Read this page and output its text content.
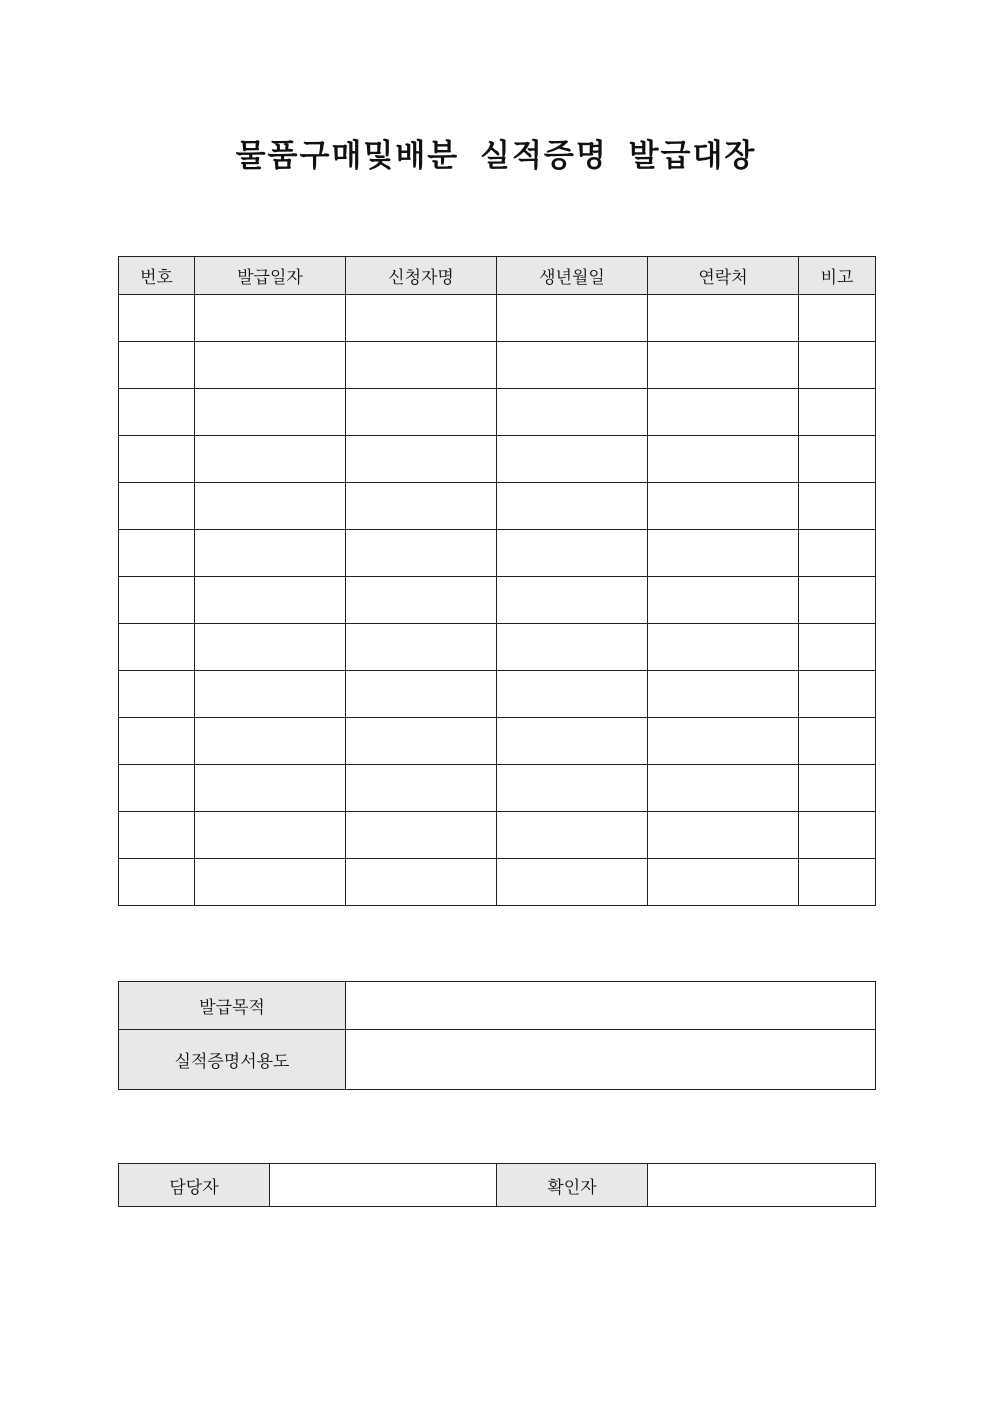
물품구매및배분 실적증명 발급대장
번호	발급일자	신청자명	생년월일	연락처	비고

발급목적	
실적증명서용도	
담당자		확인자	
